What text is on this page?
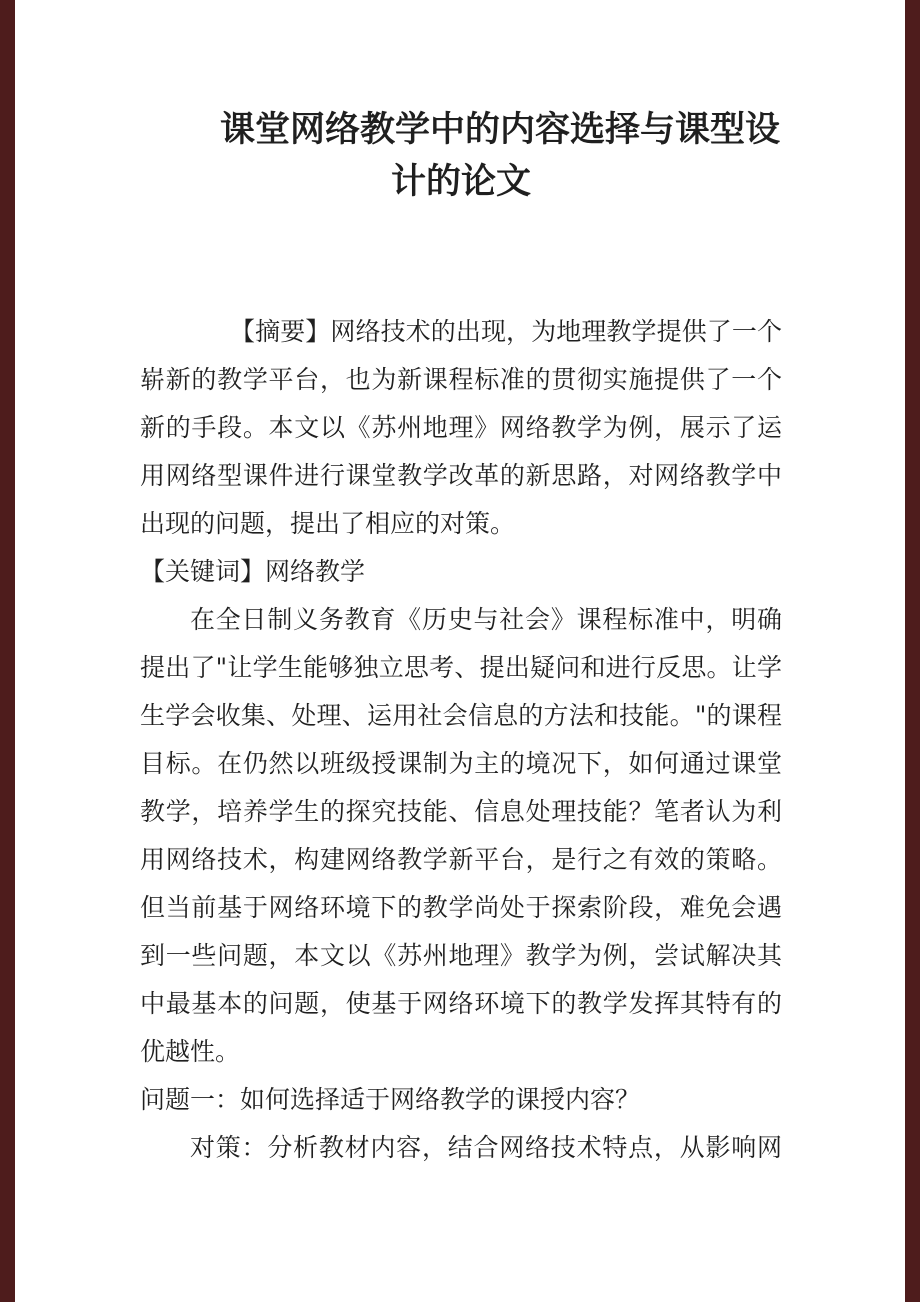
课堂网络教学中的内容选择与课型设
计的论文
【摘要】网络技术的出现，为地理教学提供了一个
崭新的教学平台，也为新课程标准的贯彻实施提供了一个
新的手段。本文以《苏州地理》网络教学为例，展示了运
用网络型课件进行课堂教学改革的新思路，对网络教学中
出现的问题，提出了相应的对策。
【关键词】网络教学
在全日制义务教育《历史与社会》课程标准中，明确
提出了"让学生能够独立思考、提出疑问和进行反思。让学
生学会收集、处理、运用社会信息的方法和技能。"的课程
目标。在仍然以班级授课制为主的境况下，如何通过课堂
教学，培养学生的探究技能、信息处理技能？笔者认为利
用网络技术，构建网络教学新平台，是行之有效的策略。
但当前基于网络环境下的教学尚处于探索阶段，难免会遇
到一些问题，本文以《苏州地理》教学为例，尝试解决其
中最基本的问题，使基于网络环境下的教学发挥其特有的
优越性。
问题一：如何选择适于网络教学的课授内容？
对策：分析教材内容，结合网络技术特点，从影响网
